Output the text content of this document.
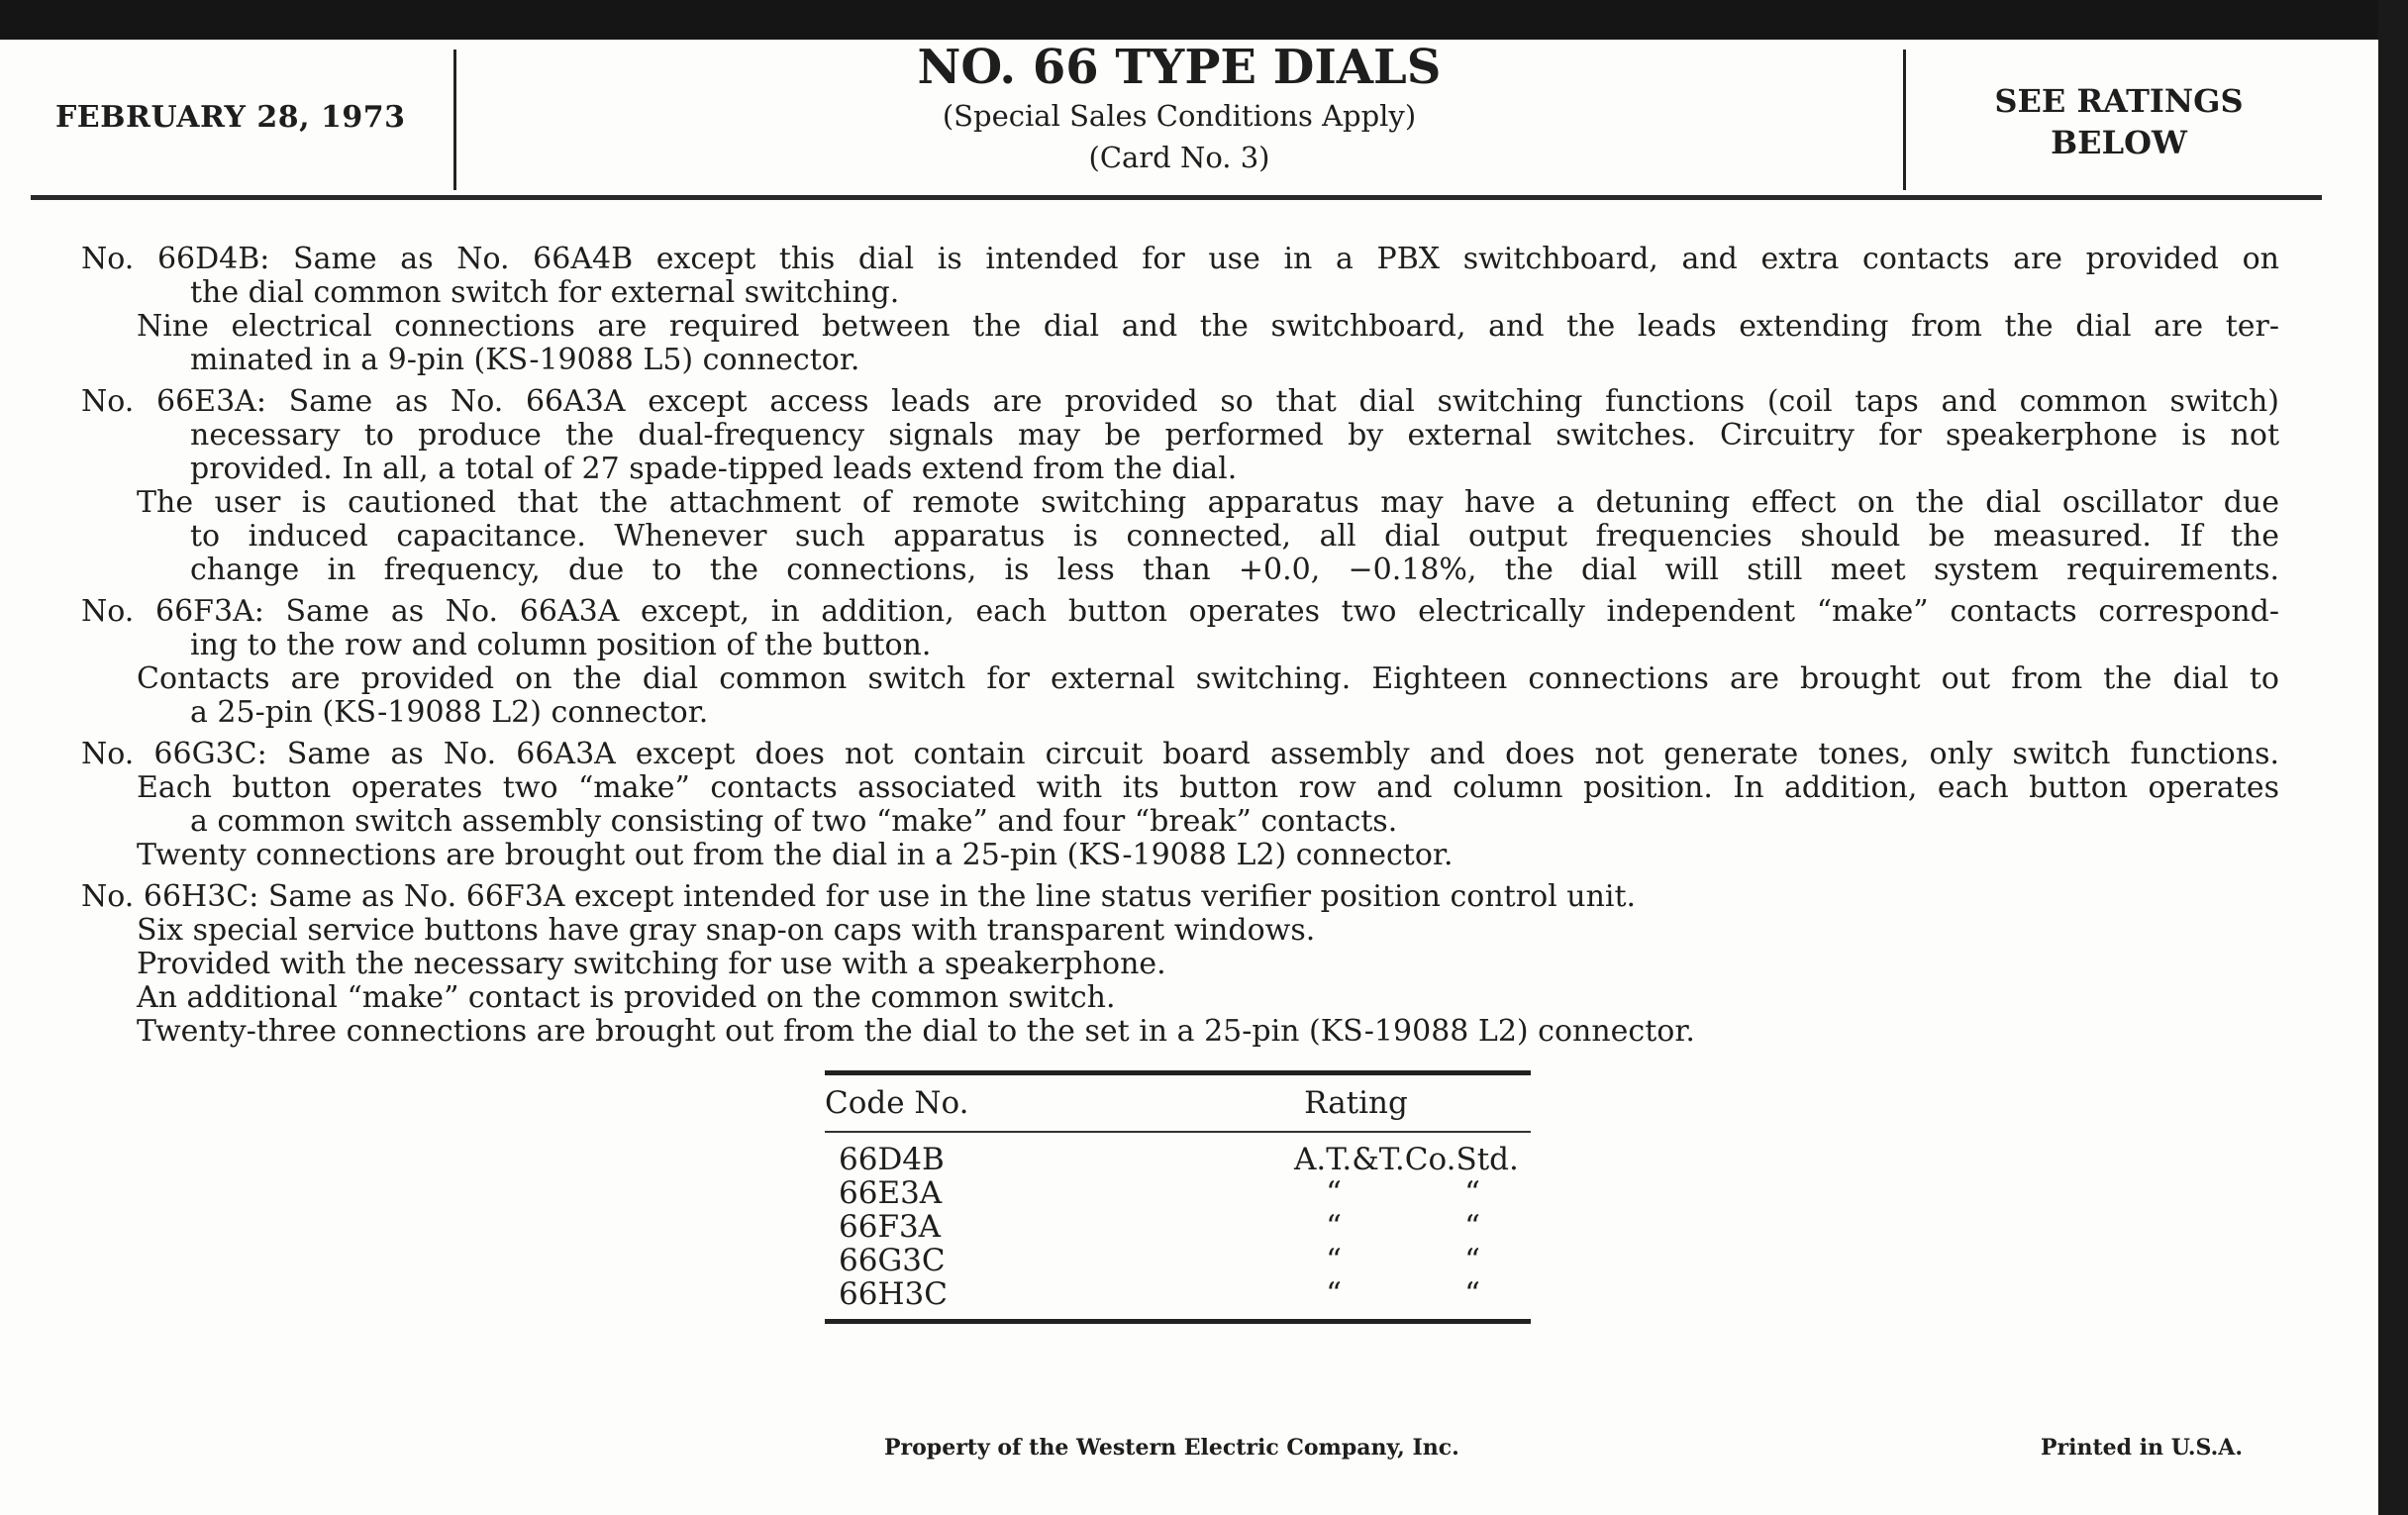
FEBRUARY 28, 1973
NO. 66 TYPE DIALS
(Special Sales Conditions Apply)
(Card No. 3)
SEE RATINGS
BELOW
No. 66D4B: Same as No. 66A4B except this dial is intended for use in a PBX switchboard, and extra contacts are provided on
the dial common switch for external switching.
Nine electrical connections are required between the dial and the switchboard, and the leads extending from the dial are ter-
minated in a 9-pin (KS-19088 L5) connector.
No. 66E3A: Same as No. 66A3A except access leads are provided so that dial switching functions (coil taps and common switch)
necessary to produce the dual-frequency signals may be performed by external switches. Circuitry for speakerphone is not
provided. In all, a total of 27 spade-tipped leads extend from the dial.
The user is cautioned that the attachment of remote switching apparatus may have a detuning effect on the dial oscillator due
to induced capacitance. Whenever such apparatus is connected, all dial output frequencies should be measured. If the
change in frequency, due to the connections, is less than +0.0, −0.18%, the dial will still meet system requirements.
No. 66F3A: Same as No. 66A3A except, in addition, each button operates two electrically independent “make” contacts correspond-
ing to the row and column position of the button.
Contacts are provided on the dial common switch for external switching. Eighteen connections are brought out from the dial to
a 25-pin (KS-19088 L2) connector.
No. 66G3C: Same as No. 66A3A except does not contain circuit board assembly and does not generate tones, only switch functions.
Each button operates two “make” contacts associated with its button row and column position. In addition, each button operates
a common switch assembly consisting of two “make” and four “break” contacts.
Twenty connections are brought out from the dial in a 25-pin (KS-19088 L2) connector.
No. 66H3C: Same as No. 66F3A except intended for use in the line status verifier position control unit.
Six special service buttons have gray snap-on caps with transparent windows.
Provided with the necessary switching for use with a speakerphone.
An additional “make” contact is provided on the common switch.
Twenty-three connections are brought out from the dial to the set in a 25-pin (KS-19088 L2) connector.
Code No.	Rating
66D4B	A.T.&T.Co.Std.
66E3A	“	“
66F3A	“	“
66G3C	“	“
66H3C	“	“
Property of the Western Electric Company, Inc.	Printed in U.S.A.
